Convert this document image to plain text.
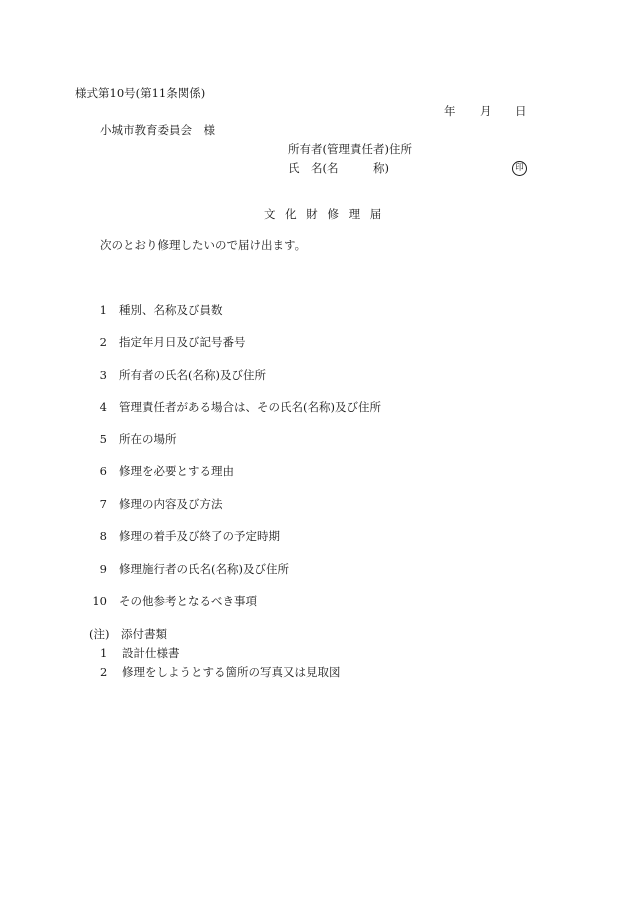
様式第10号(第11条関係)
年 月 日
小城市教育委員会　様
所有者(管理責任者)住所
氏　名(名　　　称)	印
文 化 財 修 理 届
次のとおり修理したいので届け出ます。
1 種別、名称及び員数
2 指定年月日及び記号番号
3 所有者の氏名(名称)及び住所
4 管理責任者がある場合は、その氏名(名称)及び住所
5 所在の場所
6 修理を必要とする理由
7 修理の内容及び方法
8 修理の着手及び終了の予定時期
9 修理施行者の氏名(名称)及び住所
10 その他参考となるべき事項
(注)　添付書類
1 設計仕様書
2 修理をしようとする箇所の写真又は見取図
